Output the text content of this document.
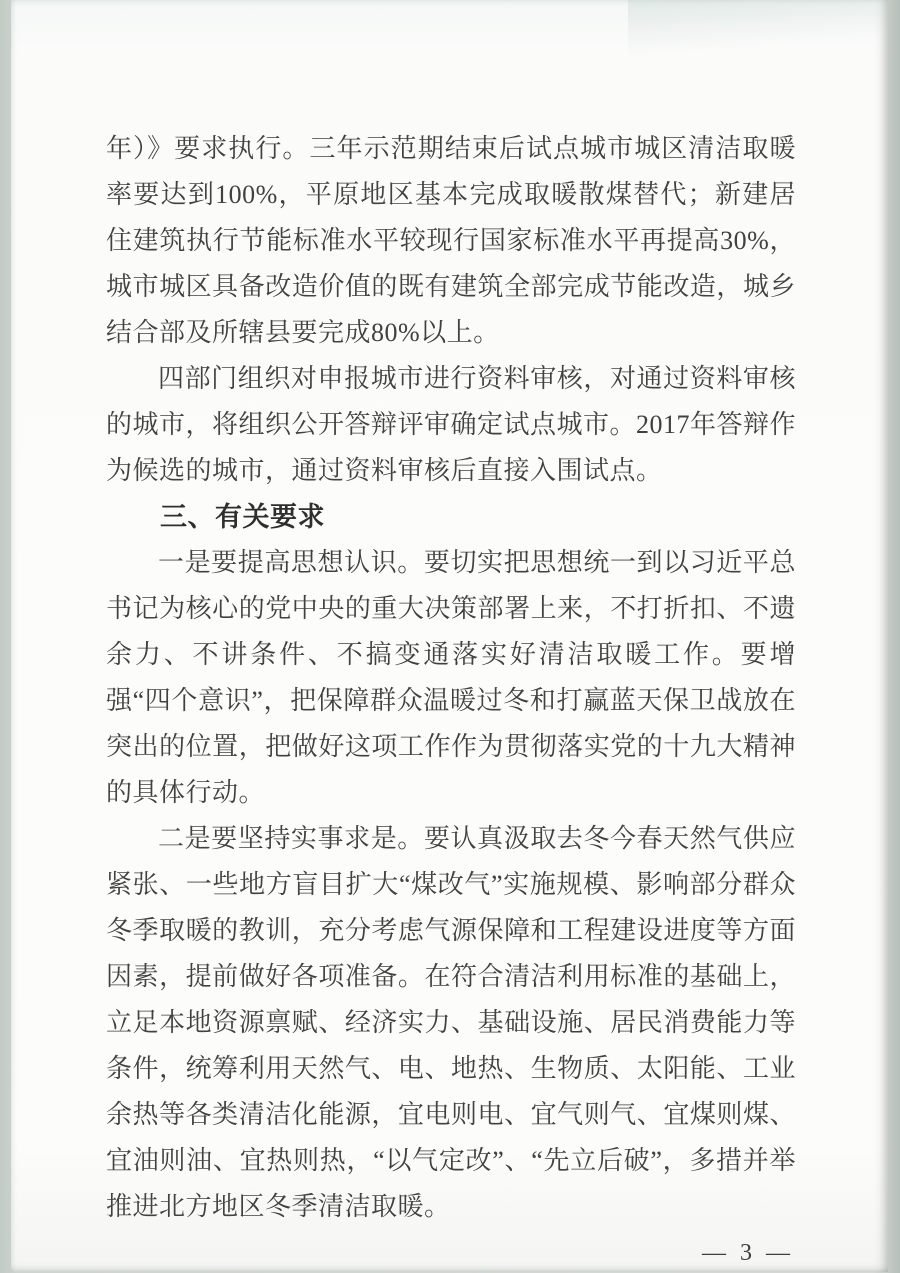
年）》要求执行。三年示范期结束后试点城市城区清洁取暖率要达到100%，平原地区基本完成取暖散煤替代；新建居住建筑执行节能标准水平较现行国家标准水平再提高30%，城市城区具备改造价值的既有建筑全部完成节能改造，城乡结合部及所辖县要完成80%以上。

四部门组织对申报城市进行资料审核，对通过资料审核的城市，将组织公开答辩评审确定试点城市。2017年答辩作为候选的城市，通过资料审核后直接入围试点。

三、有关要求

一是要提高思想认识。要切实把思想统一到以习近平总书记为核心的党中央的重大决策部署上来，不打折扣、不遗余力、不讲条件、不搞变通落实好清洁取暖工作。要增强“四个意识”，把保障群众温暖过冬和打赢蓝天保卫战放在突出的位置，把做好这项工作作为贯彻落实党的十九大精神的具体行动。

二是要坚持实事求是。要认真汲取去冬今春天然气供应紧张、一些地方盲目扩大“煤改气”实施规模、影响部分群众冬季取暖的教训，充分考虑气源保障和工程建设进度等方面因素，提前做好各项准备。在符合清洁利用标准的基础上，立足本地资源禀赋、经济实力、基础设施、居民消费能力等条件，统筹利用天然气、电、地热、生物质、太阳能、工业余热等各类清洁化能源，宜电则电、宜气则气、宜煤则煤、宜油则油、宜热则热，“以气定改”、“先立后破”，多措并举推进北方地区冬季清洁取暖。

— 3 —
